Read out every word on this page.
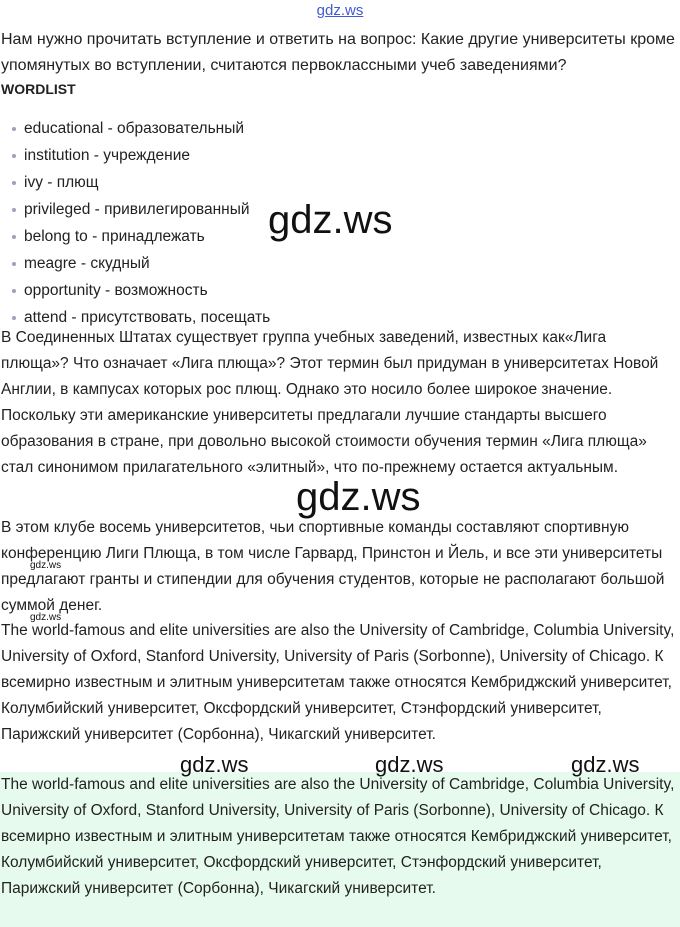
gdz.ws
Нам нужно прочитать вступление и ответить на вопрос: Какие другие университеты кроме упомянутых во вступлении, считаются первоклассными учеб заведениями?
WORDLIST
educational - образовательный
institution - учреждение
ivy - плющ
privileged - привилегированный
belong to - принадлежать
meagre - скудный
opportunity - возможность
attend - присутствовать, посещать

В Соединенных Штатах существует группа учебных заведений, известных как«Лига плюща»? Что означает «Лига плюща»? Этот термин был придуман в университетах Новой Англии, в кампусах которых рос плющ. Однако это носило более широкое значение. Поскольку эти американские университеты предлагали лучшие стандарты высшего образования в стране, при довольно высокой стоимости обучения термин «Лига плюща» стал синонимом прилагательного «элитный», что по-прежнему остается актуальным.

В этом клубе восемь университетов, чьи спортивные команды составляют спортивную конференцию Лиги Плюща, в том числе Гарвард, Принстон и Йель, и все эти университеты предлагают гранты и стипендии для обучения студентов, которые не располагают большой суммой денег.

The world-famous and elite universities are also the University of Cambridge, Columbia University, University of Oxford, Stanford University, University of Paris (Sorbonne), University of Chicago. К всемирно известным и элитным университетам также относятся Кембриджский университет, Колумбийский университет, Оксфордский университет, Стэнфордский университет, Парижский университет (Сорбонна), Чикагский университет.

The world-famous and elite universities are also the University of Cambridge, Columbia University, University of Oxford, Stanford University, University of Paris (Sorbonne), University of Chicago. К всемирно известным и элитным университетам также относятся Кембриджский университет, Колумбийский университет, Оксфордский университет, Стэнфордский университет, Парижский университет (Сорбонна), Чикагский университет.

gdz.ws
gdz.ws
gdz.ws
gdz.ws
gdz.ws	gdz.ws	gdz.ws
